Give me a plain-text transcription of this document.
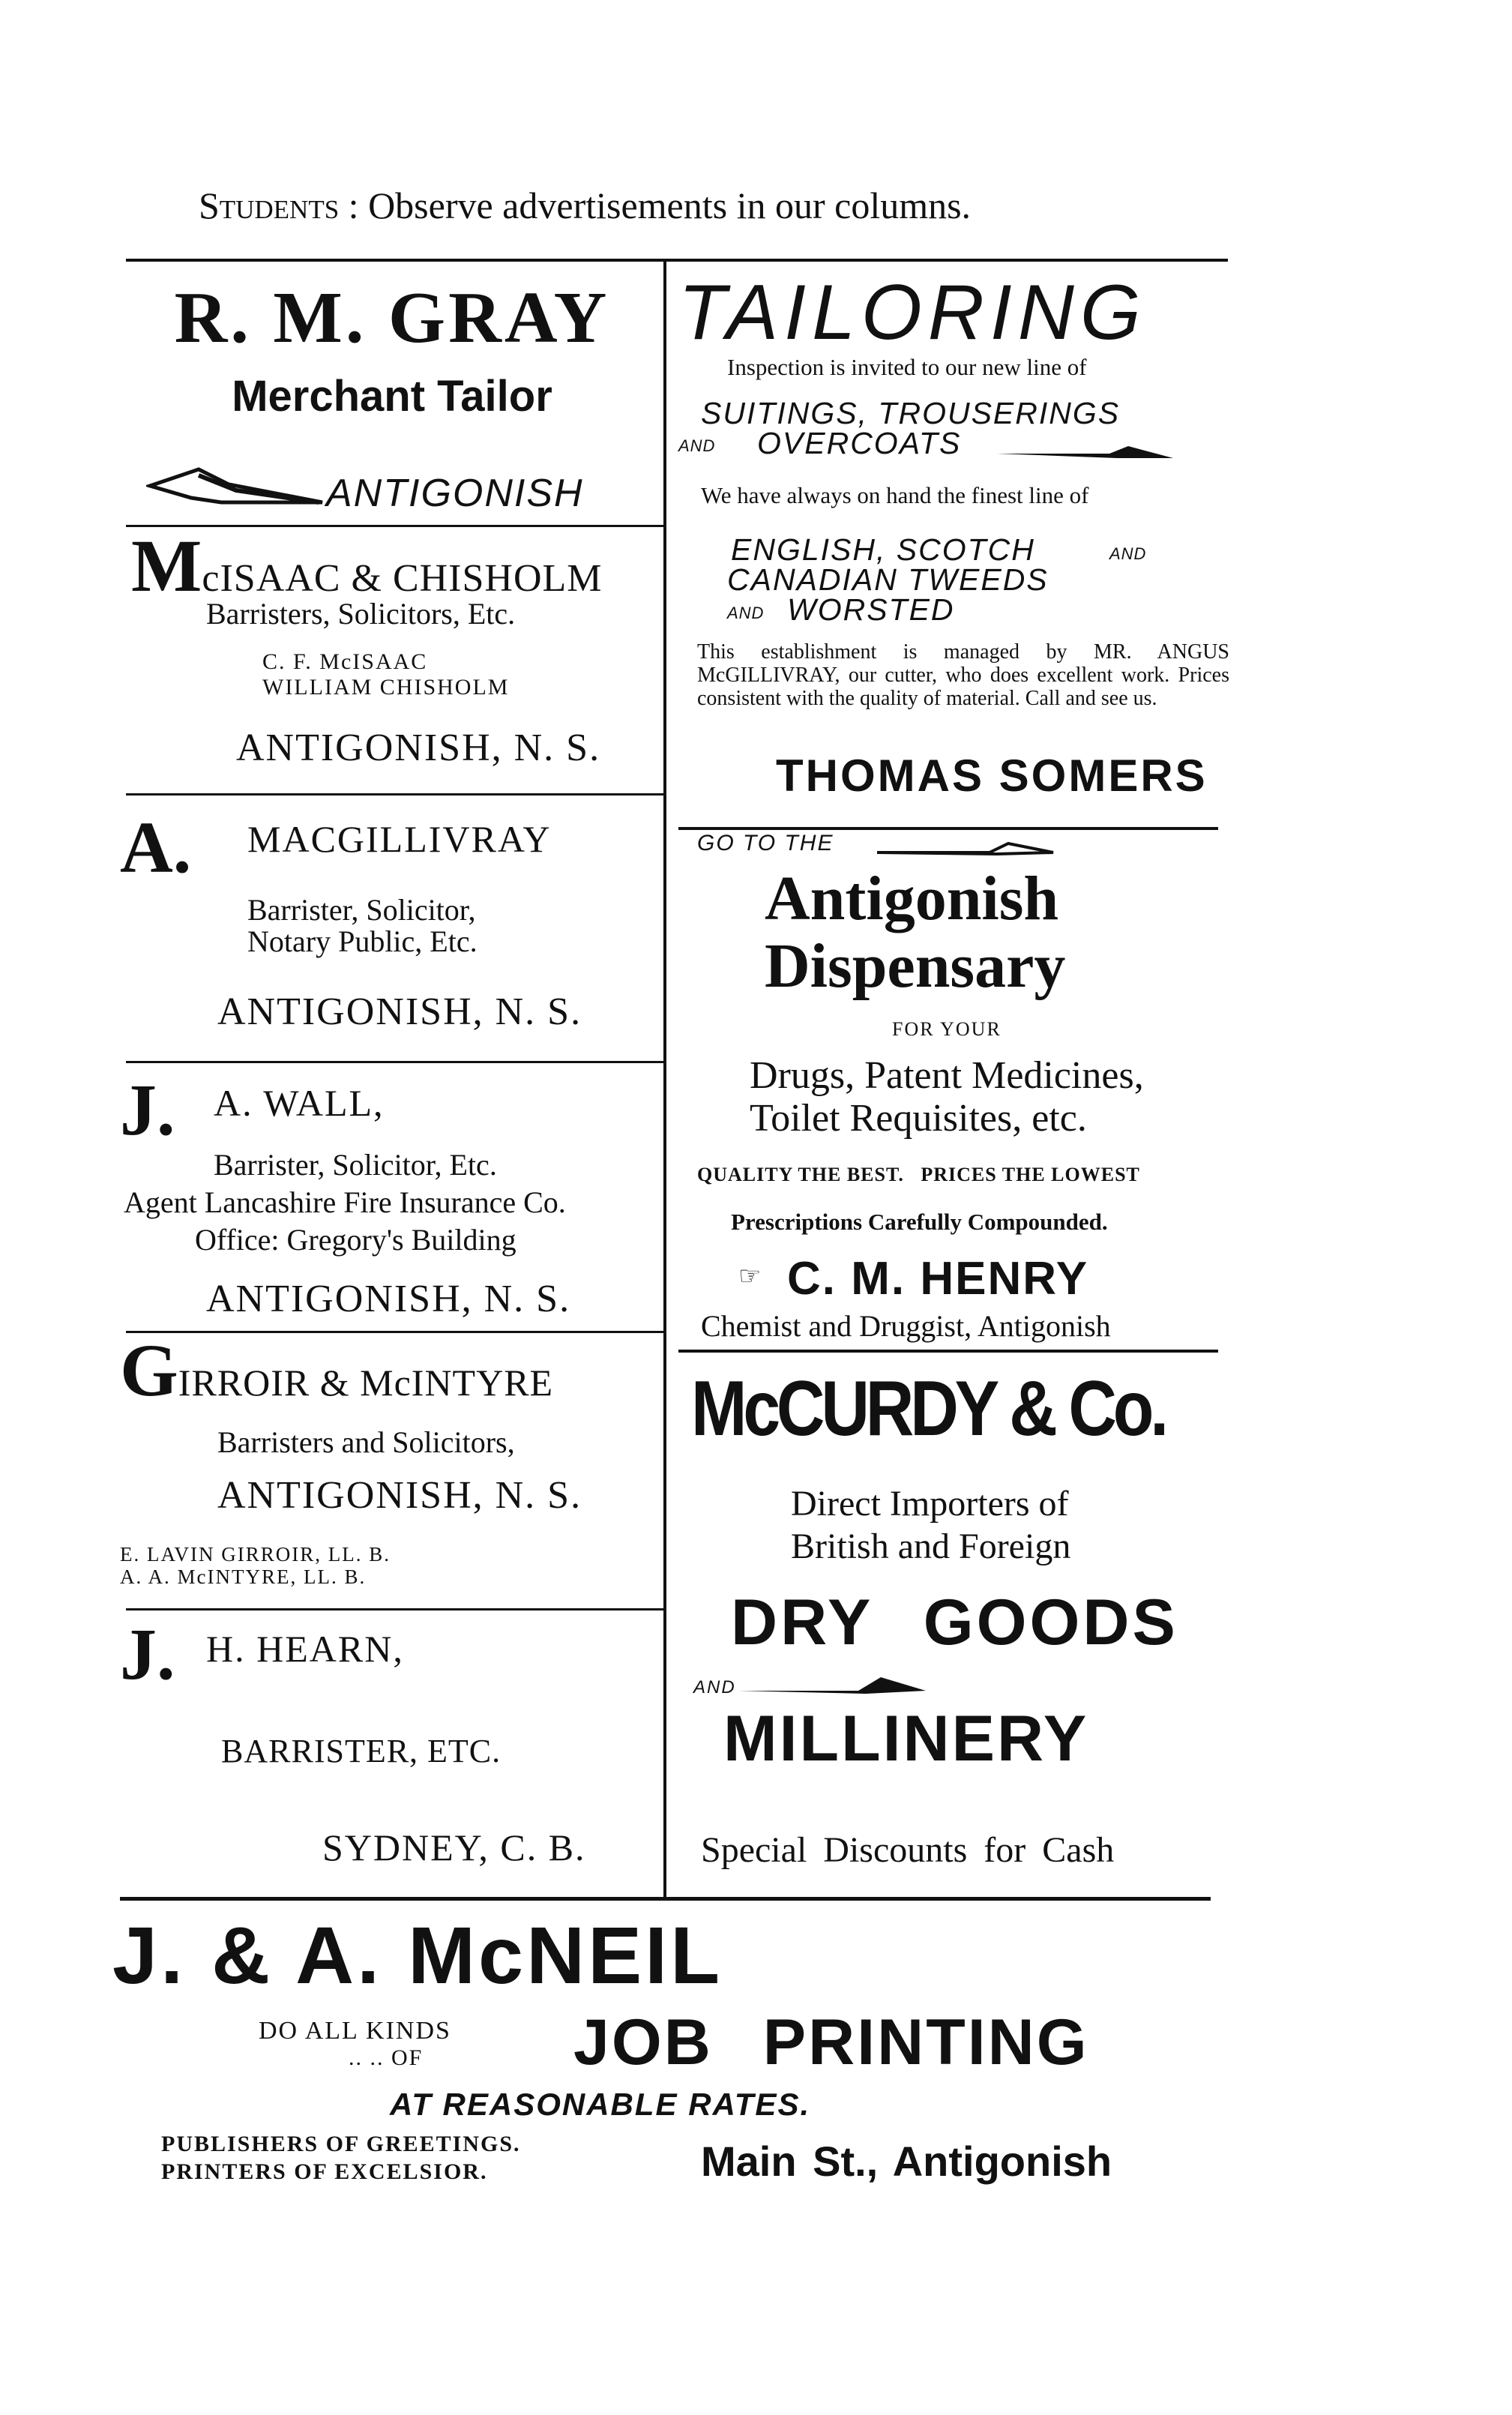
Students : Observe advertisements in our columns.
R. M. GRAY
Merchant Tailor
ANTIGONISH
McISAAC & CHISHOLM
Barristers, Solicitors, Etc.
C. F. McISAAC
WILLIAM CHISHOLM
ANTIGONISH, N. S.
A. MACGILLIVRAY
Barrister, Solicitor,
Notary Public, Etc.
ANTIGONISH, N. S.
J. A. WALL,
Barrister, Solicitor, Etc.
Agent Lancashire Fire Insurance Co.
Office: Gregory's Building
ANTIGONISH, N. S.
GIRROIR & McINTYRE
Barristers and Solicitors,
ANTIGONISH, N. S.
E. LAVIN GIRROIR, LL. B.
A. A. McINTYRE, LL. B.
J. H. HEARN,
BARRISTER, ETC.
SYDNEY, C. B.
TAILORING
Inspection is invited to our new line of
SUITINGS, TROUSERINGS
AND OVERCOATS
We have always on hand the finest line of
ENGLISH, SCOTCH	AND
CANADIAN TWEEDS
AND WORSTED
This establishment is managed by MR. ANGUS McGILLIVRAY, our cutter, who does excellent work. Prices consistent with the quality of material. Call and see us.
THOMAS SOMERS
GO TO THE
Antigonish
Dispensary
FOR YOUR
Drugs, Patent Medicines,
Toilet Requisites, etc.
QUALITY THE BEST.   PRICES THE LOWEST
Prescriptions Carefully Compounded.
☞ C. M. HENRY
Chemist and Druggist, Antigonish
McCURDY & Co.
Direct Importers of
British and Foreign
DRY GOODS
AND
MILLINERY
Special Discounts for Cash
J. & A. McNEIL
DO ALL KINDS
.. .. OF JOB PRINTING
AT REASONABLE RATES.
PUBLISHERS OF GREETINGS.
PRINTERS OF EXCELSIOR.	Main St., Antigonish
